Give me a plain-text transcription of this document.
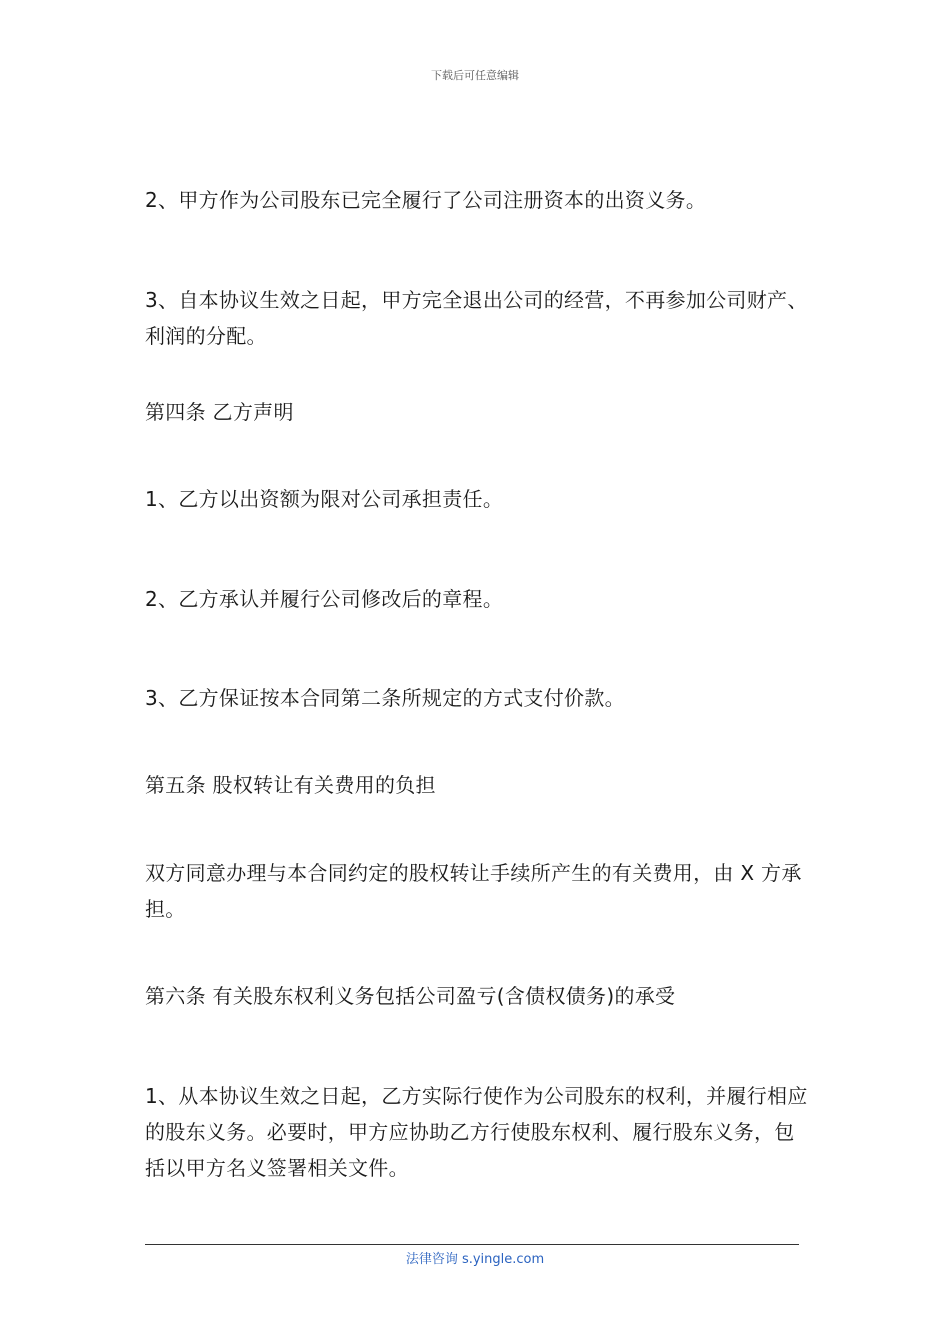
下载后可任意编辑

2、甲方作为公司股东已完全履行了公司注册资本的出资义务。

3、自本协议生效之日起，甲方完全退出公司的经营，不再参加公司财产、利润的分配。

第四条 乙方声明

1、乙方以出资额为限对公司承担责任。

2、乙方承认并履行公司修改后的章程。

3、乙方保证按本合同第二条所规定的方式支付价款。

第五条 股权转让有关费用的负担

双方同意办理与本合同约定的股权转让手续所产生的有关费用，由 X 方承担。

第六条 有关股东权利义务包括公司盈亏(含债权债务)的承受

1、从本协议生效之日起，乙方实际行使作为公司股东的权利，并履行相应的股东义务。必要时，甲方应协助乙方行使股东权利、履行股东义务，包括以甲方名义签署相关文件。

法律咨询 s.yingle.com
